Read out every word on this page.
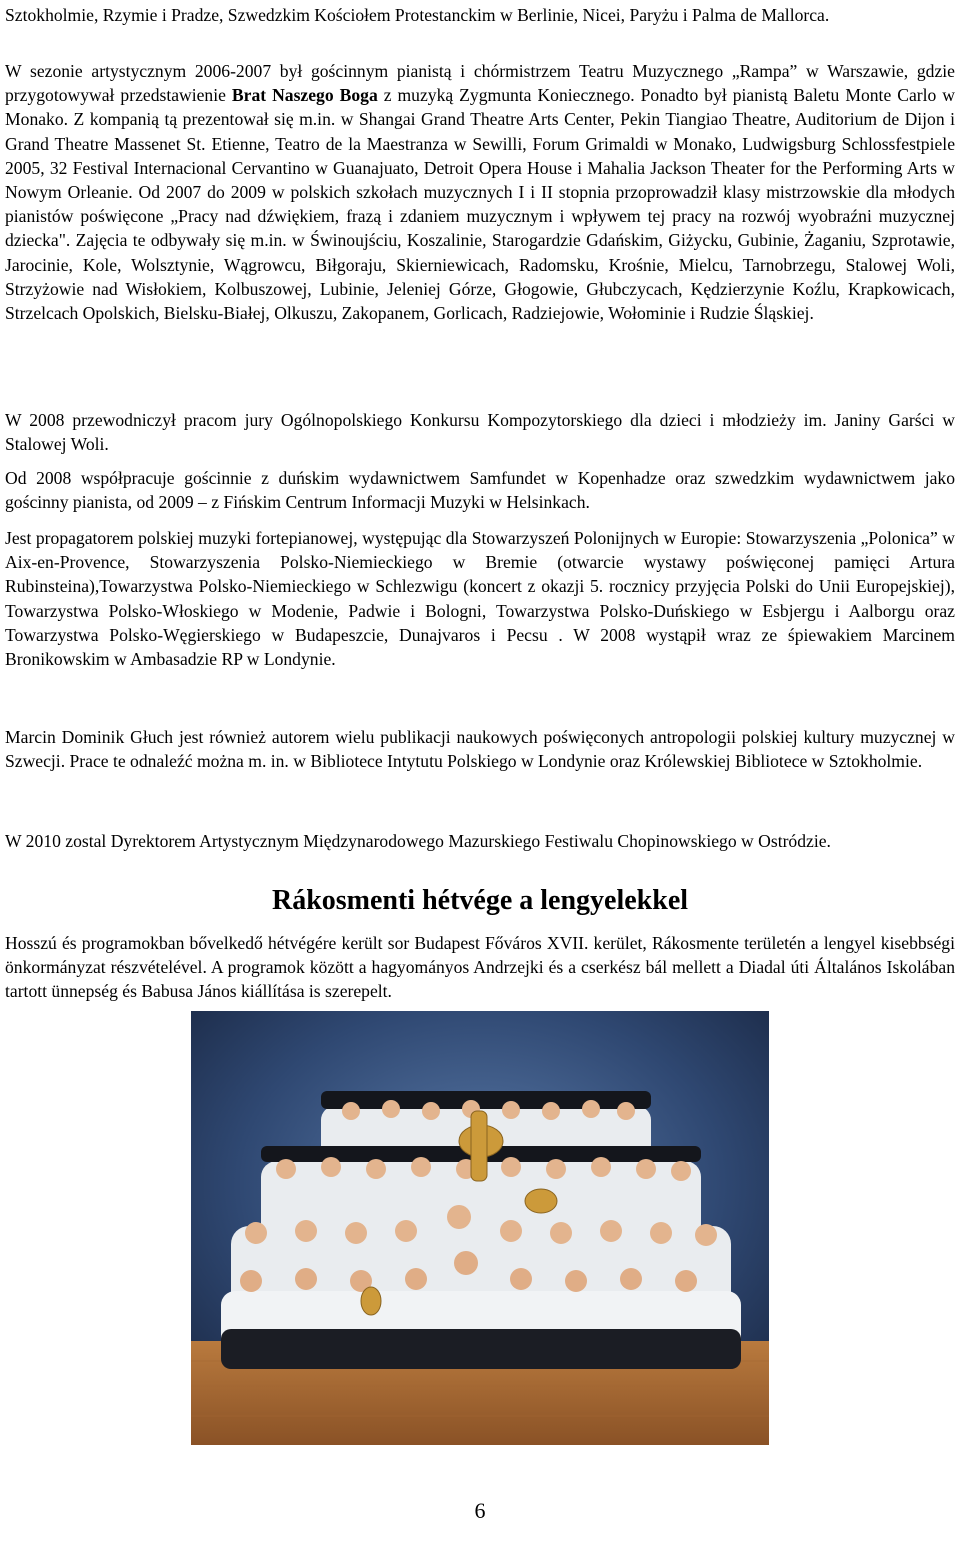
Sztokholmie, Rzymie i Pradze, Szwedzkim Kościołem Protestanckim w Berlinie, Nicei, Paryżu i Palma de Mallorca.

W sezonie artystycznym 2006-2007 był gościnnym pianistą i chórmistrzem Teatru Muzycznego „Rampa” w Warszawie, gdzie przygotowywał przedstawienie Brat Naszego Boga z muzyką Zygmunta Koniecznego. Ponadto był pianistą Baletu Monte Carlo w Monako. Z kompanią tą prezentował się m.in. w Shangai Grand Theatre Arts Center, Pekin Tiangiao Theatre, Auditorium de Dijon i Grand Theatre Massenet St. Etienne, Teatro de la Maestranza w Sewilli, Forum Grimaldi w Monako, Ludwigsburg Schlossfestpiele 2005, 32 Festival Internacional Cervantino w Guanajuato, Detroit Opera House i Mahalia Jackson Theater for the Performing Arts w Nowym Orleanie. Od 2007 do 2009 w polskich szkołach muzycznych I i II stopnia przoprowadził klasy mistrzowskie dla młodych pianistów poświęcone „Pracy nad dźwiękiem, frazą i zdaniem muzycznym i wpływem tej pracy na rozwój wyobraźni muzycznej dziecka". Zajęcia te odbywały się m.in. w Świnoujściu, Koszalinie, Starogardzie Gdańskim, Giżycku, Gubinie, Żaganiu, Szprotawie, Jarocinie, Kole, Wolsztynie, Wągrowcu, Biłgoraju, Skierniewicach, Radomsku, Krośnie, Mielcu, Tarnobrzegu, Stalowej Woli, Strzyżowie nad Wisłokiem, Kolbuszowej, Lubinie, Jeleniej Górze, Głogowie, Głubczycach, Kędzierzynie Koźlu, Krapkowicach, Strzelcach Opolskich, Bielsku-Białej, Olkuszu, Zakopanem, Gorlicach, Radziejowie, Wołominie i Rudzie Śląskiej.

W 2008 przewodniczył pracom jury Ogólnopolskiego Konkursu Kompozytorskiego dla dzieci i młodzieży im. Janiny Garści w Stalowej Woli.

Od 2008 współpracuje gościnnie z duńskim wydawnictwem Samfundet w Kopenhadze oraz szwedzkim wydawnictwem jako gościnny pianista, od 2009 – z Fińskim Centrum Informacji Muzyki w Helsinkach.

Jest propagatorem polskiej muzyki fortepianowej, występując dla Stowarzyszeń Polonijnych w Europie: Stowarzyszenia „Polonica” w Aix-en-Provence, Stowarzyszenia Polsko-Niemieckiego w Bremie (otwarcie wystawy poświęconej pamięci Artura Rubinsteina),Towarzystwa Polsko-Niemieckiego w Schlezwigu (koncert z okazji 5. rocznicy przyjęcia Polski do Unii Europejskiej), Towarzystwa Polsko-Włoskiego w Modenie, Padwie i Bologni, Towarzystwa Polsko-Duńskiego w Esbjergu i Aalborgu oraz Towarzystwa Polsko-Węgierskiego w Budapeszcie, Dunajvaros i Pecsu . W 2008 wystąpił wraz ze śpiewakiem Marcinem Bronikowskim w Ambasadzie RP w Londynie.

Marcin Dominik Głuch jest również autorem wielu publikacji naukowych poświęconych antropologii polskiej kultury muzycznej w Szwecji. Prace te odnaleźć można m. in. w Bibliotece Intytutu Polskiego w Londynie oraz Królewskiej Bibliotece w Sztokholmie.

W 2010 zostal Dyrektorem Artystycznym Międzynarodowego Mazurskiego Festiwalu Chopinowskiego w Ostródzie.

Rákosmenti hétvége a lengyelekkel

Hosszú és programokban bővelkedő hétvégére került sor Budapest Főváros XVII. kerület, Rákosmente területén a lengyel kisebbségi önkormányzat részvételével. A programok között a hagyományos Andrzejki és a cserkész bál mellett a Diadal úti Általános Iskolában tartott ünnepség és Babusa János kiállítása is szerepelt.

6
